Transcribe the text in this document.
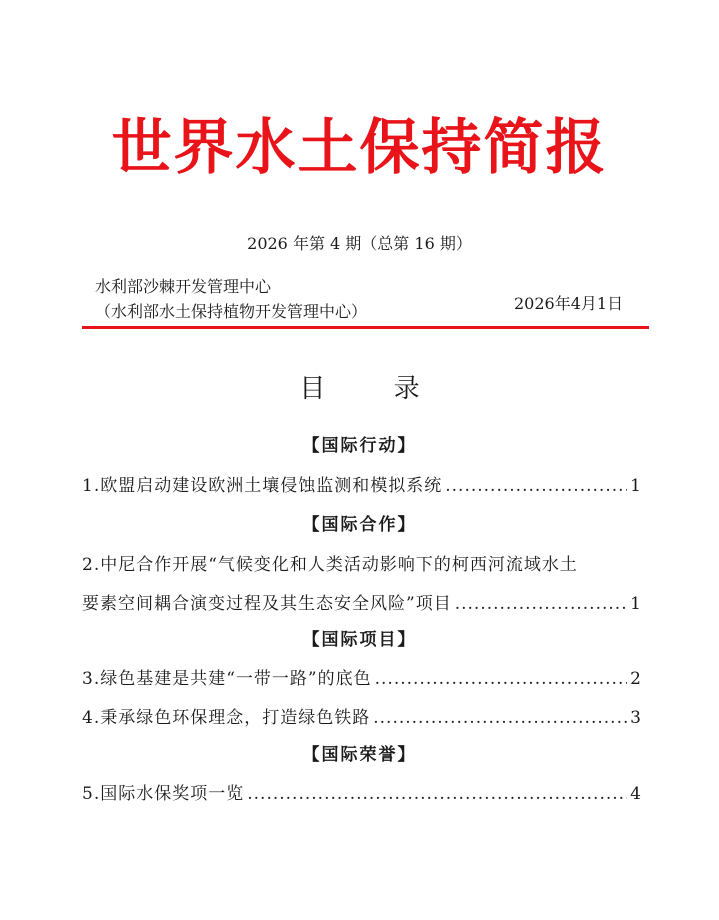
世界水土保持简报
2026 年第 4 期（总第 16 期）
水利部沙棘开发管理中心
（水利部水土保持植物开发管理中心）	2026年4月1日
目 录
【国际行动】
1.欧盟启动建设欧洲土壤侵蚀监测和模拟系统 .....	1
【国际合作】
2.中尼合作开展“气候变化和人类活动影响下的柯西河流域水土
要素空间耦合演变过程及其生态安全风险”项目 .....	1
【国际项目】
3.绿色基建是共建“一带一路”的底色 .....	2
4.秉承绿色环保理念，打造绿色铁路 .....	3
【国际荣誉】
5.国际水保奖项一览 .....	4
